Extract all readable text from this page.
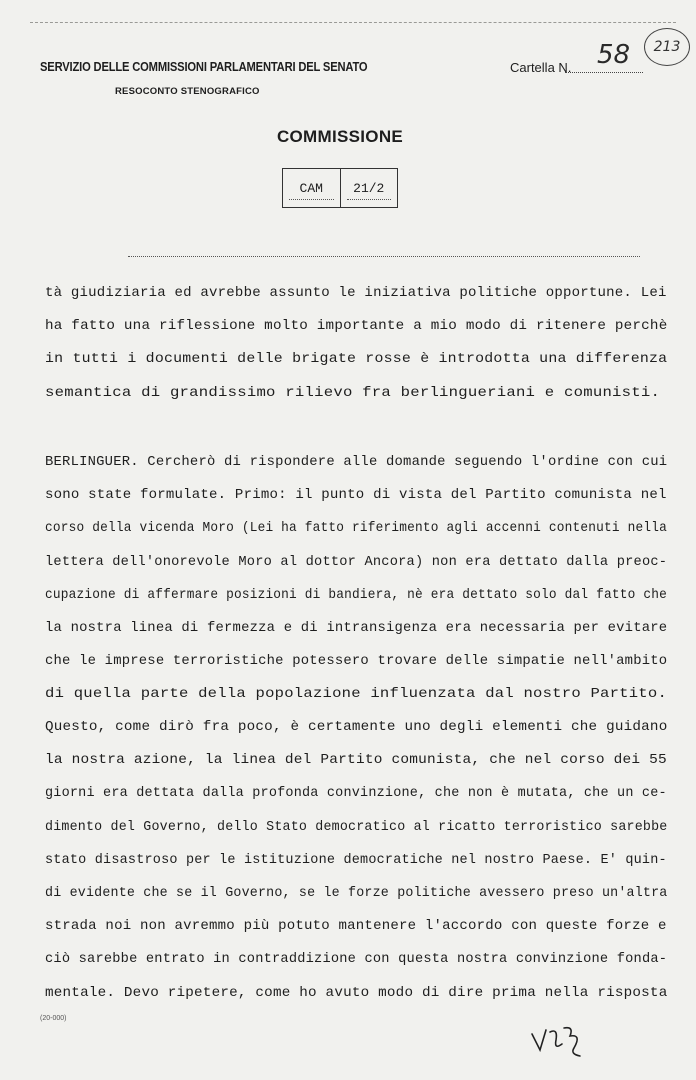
SERVIZIO DELLE COMMISSIONI PARLAMENTARI DEL SENATO
RESOCONTO STENOGRAFICO
Cartella N. 58	213
COMMISSIONE
CAM	21/2
tà giudiziaria ed avrebbe assunto le iniziativa politiche opportune. Lei
ha fatto una riflessione molto importante a mio modo di ritenere perchè
in tutti i documenti delle brigate rosse è introdotta una differenza
semantica di grandissimo rilievo fra berlingueriani e comunisti.
BERLINGUER. Cercherò di rispondere alle domande seguendo l'ordine con cui
sono state formulate. Primo: il punto di vista del Partito comunista nel
corso della vicenda Moro (Lei ha fatto riferimento agli accenni contenuti nella
lettera dell'onorevole Moro al dottor Ancora) non era dettato dalla preoc-
cupazione di affermare posizioni di bandiera, nè era dettato solo dal fatto che
la nostra linea di fermezza e di intransigenza era necessaria per evitare
che le imprese terroristiche potessero trovare delle simpatie nell'ambito
di quella parte della popolazione influenzata dal nostro Partito.
Questo, come dirò fra poco, è certamente uno degli elementi che guidano
la nostra azione, la linea del Partito comunista, che nel corso dei 55
giorni era dettata dalla profonda convinzione, che non è mutata, che un ce-
dimento del Governo, dello Stato democratico al ricatto terroristico sarebbe
stato disastroso per le istituzione democratiche nel nostro Paese. E' quin-
di evidente che se il Governo, se le forze politiche avessero preso un'altra
strada noi non avremmo più potuto mantenere l'accordo con queste forze e
ciò sarebbe entrato in contraddizione con questa nostra convinzione fonda-
mentale. Devo ripetere, come ho avuto modo di dire prima nella risposta
(20-000)
